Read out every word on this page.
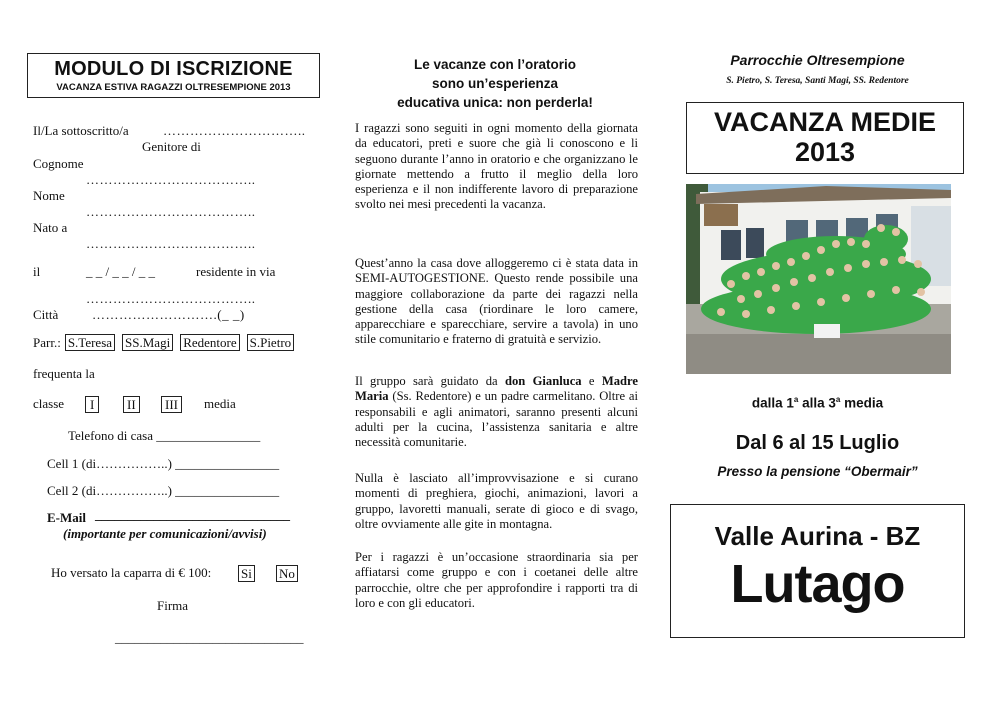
MODULO DI ISCRIZIONE
VACANZA ESTIVA RAGAZZI OLTRESEMPIONE 2013
Il/La sottoscritto/a	…………………………..
Genitore di
Cognome
………………………………..
Nome
………………………………..
Nato a
………………………………..
il	_ _ / _ _ / _ _	residente in via
………………………………..
Città	……………………….(_ _)
Parr.: S.Teresa SS.Magi Redentore S.Pietro
frequenta la
classe	I	II	III	media
Telefono di casa ________________
Cell 1 (di……………..) ________________
Cell 2 (di……………..) ________________
E-Mail ______________________________
(importante per comunicazioni/avvisi)
Ho versato la caparra di € 100: Si No
Firma
_____________________________
Le vacanze con l’oratorio
sono un’esperienza
educativa unica: non perderla!
I ragazzi sono seguiti in ogni momento della giornata da educatori, preti e suore che già li conoscono e li seguono durante l’anno in oratorio e che organizzano le giornate mettendo a frutto il meglio della loro esperienza e il non indifferente lavoro di preparazione svolto nei mesi precedenti la vacanza.
Quest’anno la casa dove alloggeremo ci è stata data in SEMI-AUTOGESTIONE. Questo rende possibile una maggiore collaborazione da parte dei ragazzi nella gestione della casa (riordinare le loro camere, apparecchiare e sparecchiare, servire a tavola) in uno stile comunitario e fraterno di gratuità e servizio.
Il gruppo sarà guidato da don Gianluca e Madre Maria (Ss. Redentore) e un padre carmelitano. Oltre ai responsabili e agli animatori, saranno presenti alcuni adulti per la cucina, l’assistenza sanitaria e altre necessità comunitarie.
Nulla è lasciato all’improvvisazione e si curano momenti di preghiera, giochi, animazioni, lavori a gruppo, lavoretti manuali, serate di gioco e di svago, oltre ovviamente alle gite in montagna.
Per i ragazzi è un’occasione straordinaria sia per affiatarsi come gruppo e con i coetanei delle altre parrocchie, oltre che per approfondire i rapporti tra di loro e con gli educatori.
Parrocchie Oltresempione
S. Pietro, S. Teresa, Santi Magi, SS. Redentore
VACANZA MEDIE
2013
dalla 1$^a$ alla 3$^a$ media
Dal 6 al 15 Luglio
Presso la pensione “Obermair”
Valle Aurina - BZ
Lutago
